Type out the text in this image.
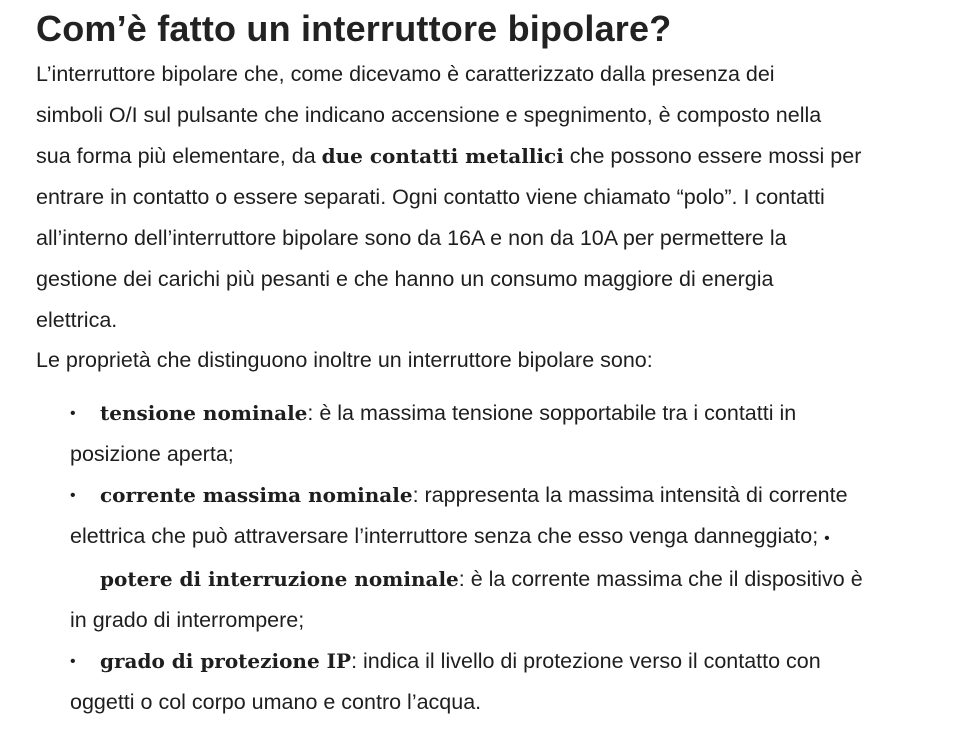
Com’è fatto un interruttore bipolare?

L’interruttore bipolare che, come dicevamo è caratterizzato dalla presenza dei
simboli O/I sul pulsante che indicano accensione e spegnimento, è composto nella
sua forma più elementare, da due contatti metallici che possono essere mossi per
entrare in contatto o essere separati. Ogni contatto viene chiamato “polo”. I contatti
all’interno dell’interruttore bipolare sono da 16A e non da 10A per permettere la
gestione dei carichi più pesanti e che hanno un consumo maggiore di energia
elettrica.

Le proprietà che distinguono inoltre un interruttore bipolare sono:

•	tensione nominale: è la massima tensione sopportabile tra i contatti in
posizione aperta;
•	corrente massima nominale: rappresenta la massima intensità di corrente
elettrica che può attraversare l’interruttore senza che esso venga danneggiato; •
potere di interruzione nominale: è la corrente massima che il dispositivo è
in grado di interrompere;
•	grado di protezione IP: indica il livello di protezione verso il contatto con
oggetti o col corpo umano e contro l’acqua.
